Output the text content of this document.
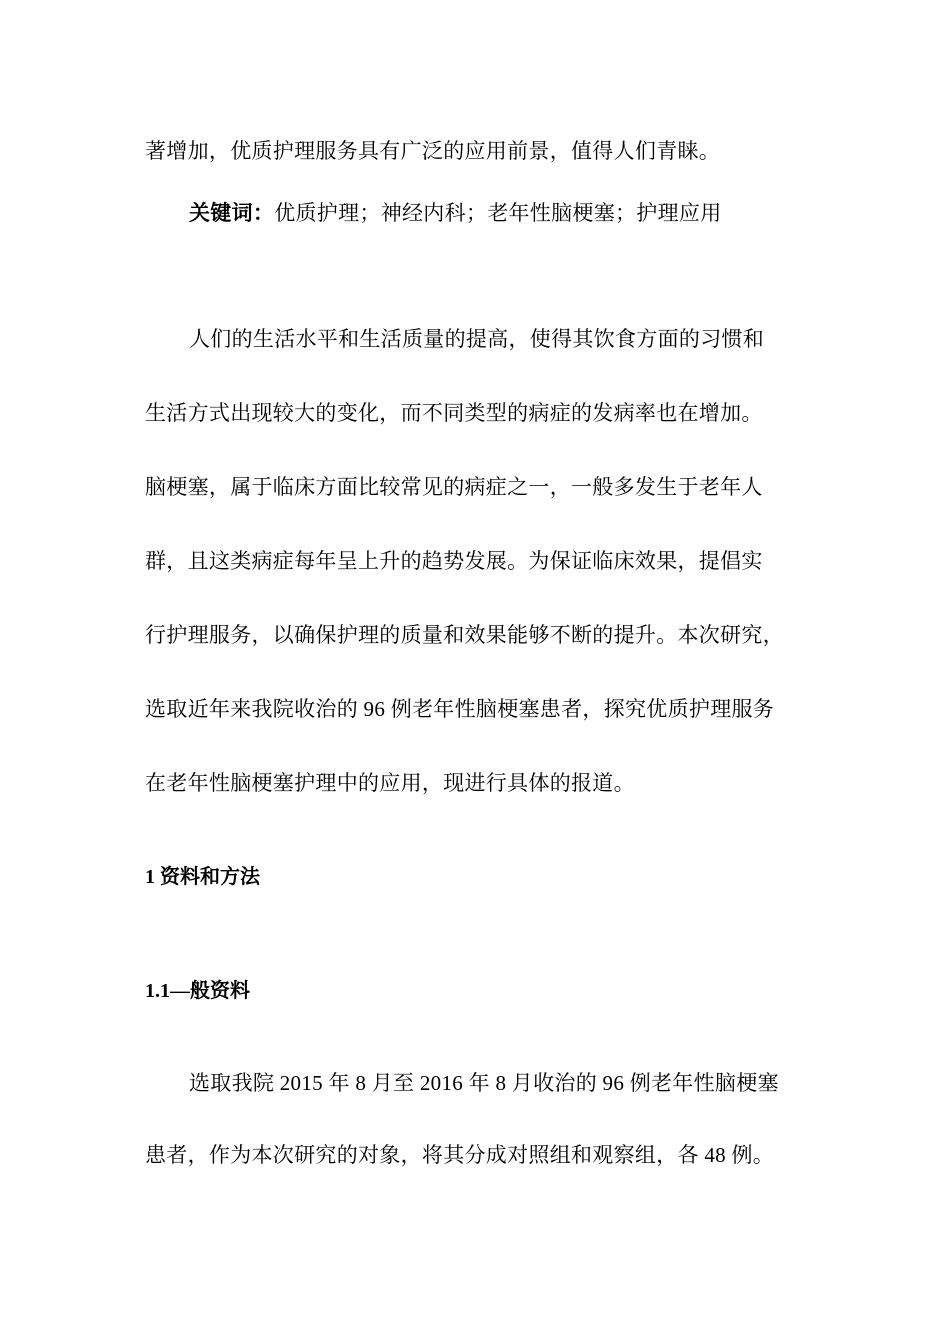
著增加，优质护理服务具有广泛的应用前景，值得人们青睐。
关键词：优质护理；神经内科；老年性脑梗塞；护理应用
人们的生活水平和生活质量的提高，使得其饮食方面的习惯和
生活方式出现较大的变化，而不同类型的病症的发病率也在增加。
脑梗塞，属于临床方面比较常见的病症之一，一般多发生于老年人
群，且这类病症每年呈上升的趋势发展。为保证临床效果，提倡实
行护理服务，以确保护理的质量和效果能够不断的提升。本次研究，
选取近年来我院收治的 96 例老年性脑梗塞患者，探究优质护理服务
在老年性脑梗塞护理中的应用，现进行具体的报道。
1 资料和方法
1.1—般资料
选取我院 2015 年 8 月至 2016 年 8 月收治的 96 例老年性脑梗塞
患者，作为本次研究的对象，将其分成对照组和观察组，各 48 例。
